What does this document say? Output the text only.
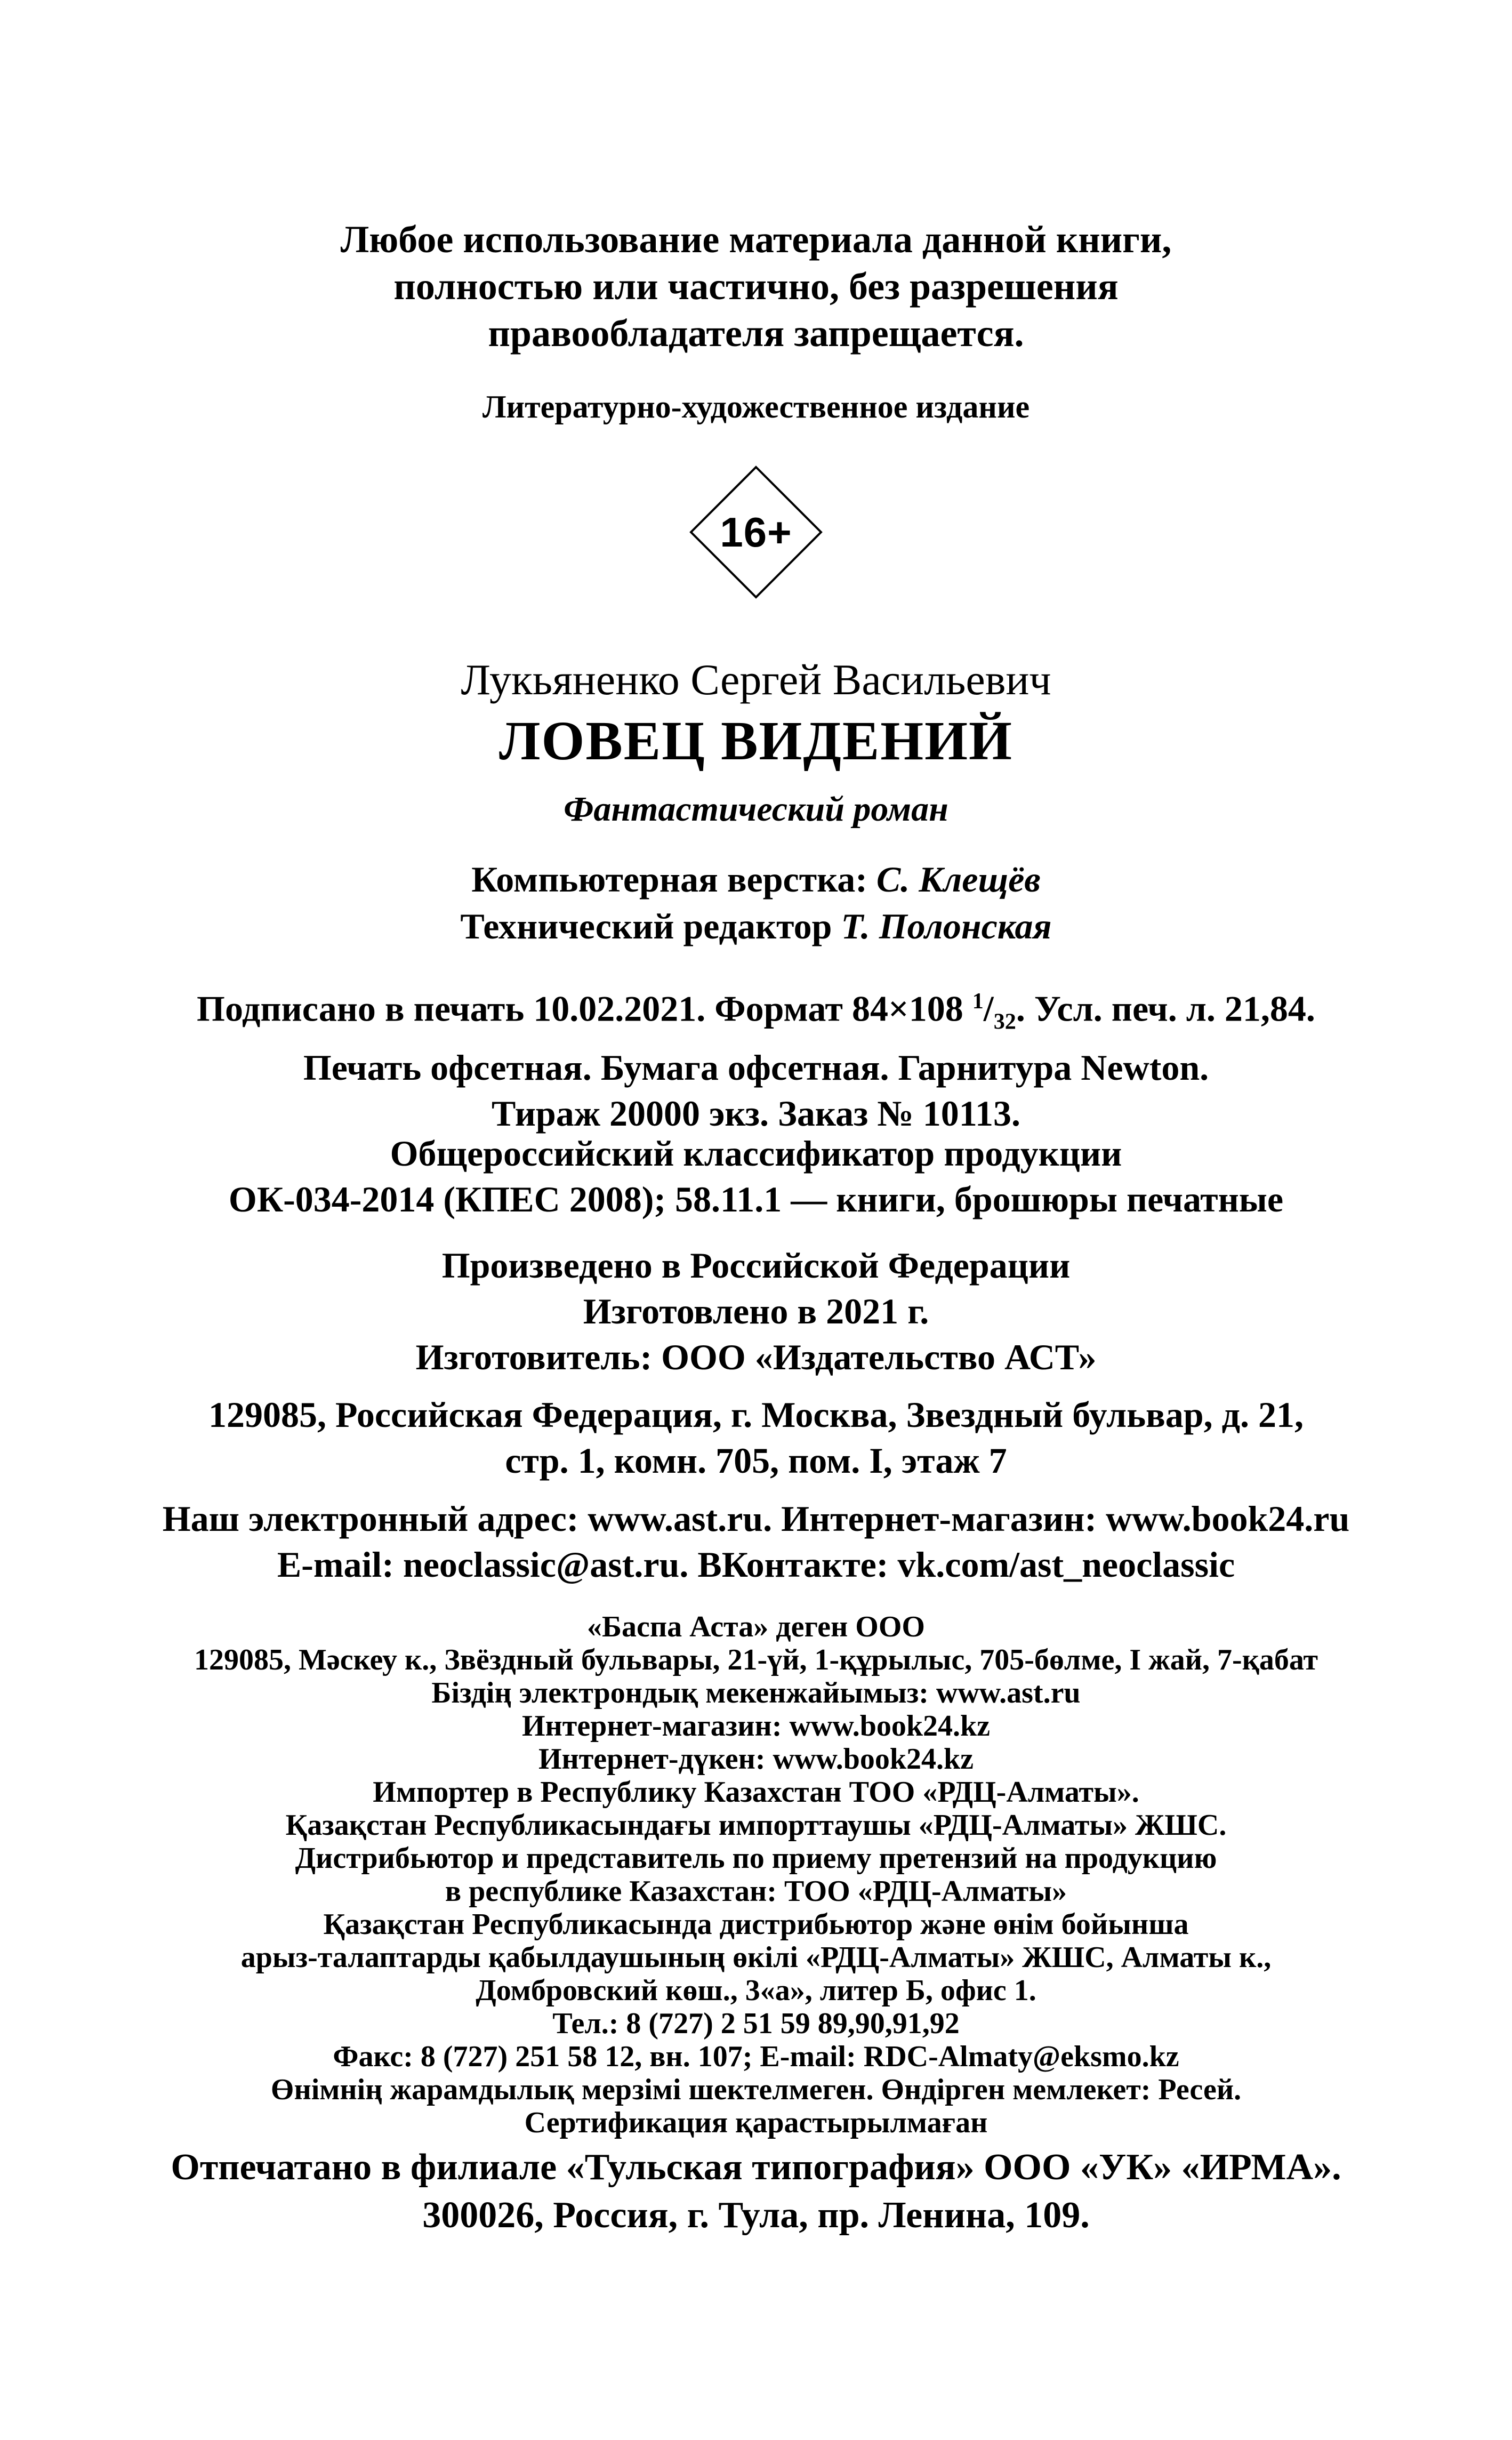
Любое использование материала данной книги,
полностью или частично, без разрешения
правообладателя запрещается.
Литературно-художественное издание
16+
Лукьяненко Сергей Васильевич
ЛОВЕЦ ВИДЕНИЙ
Фантастический роман
Компьютерная верстка: С. Клещёв
Технический редактор Т. Полонская
Подписано в печать 10.02.2021. Формат 84×108 $^1/_{32}$. Усл. печ. л. 21,84.
Печать офсетная. Бумага офсетная. Гарнитура Newton.
Тираж 20000 экз. Заказ № 10113.
Общероссийский классификатор продукции
ОК-034-2014 (КПЕС 2008); 58.11.1 — книги, брошюры печатные
Произведено в Российской Федерации
Изготовлено в 2021 г.
Изготовитель: ООО «Издательство АСТ»
129085, Российская Федерация, г. Москва, Звездный бульвар, д. 21,
стр. 1, комн. 705, пом. I, этаж 7
Наш электронный адрес: www.ast.ru. Интернет-магазин: www.book24.ru
E-mail: neoclassic@ast.ru. ВКонтакте: vk.com/ast_neoclassic
«Баспа Аста» деген ООО
129085, Мәскеу к., Звёздный бульвары, 21-үй, 1-құрылыс, 705-бөлме, I жай, 7-қабат
Біздің электрондық мекенжайымыз: www.ast.ru
Интернет-магазин: www.book24.kz
Интернет-дүкен: www.book24.kz
Импортер в Республику Казахстан ТОО «РДЦ-Алматы».
Қазақстан Республикасындағы импорттаушы «РДЦ-Алматы» ЖШС.
Дистрибьютор и представитель по приему претензий на продукцию
в республике Казахстан: ТОО «РДЦ-Алматы»
Қазақстан Республикасында дистрибьютор және өнім бойынша
арыз-талаптарды қабылдаушының өкілі «РДЦ-Алматы» ЖШС, Алматы к.,
Домбровский көш., 3«а», литер Б, офис 1.
Тел.: 8 (727) 2 51 59 89,90,91,92
Факс: 8 (727) 251 58 12, вн. 107; E-mail: RDC-Almaty@eksmo.kz
Өнімнің жарамдылық мерзімі шектелмеген. Өндірген мемлекет: Ресей.
Сертификация қарастырылмаған
Отпечатано в филиале «Тульская типография» ООО «УК» «ИРМА».
300026, Россия, г. Тула, пр. Ленина, 109.
